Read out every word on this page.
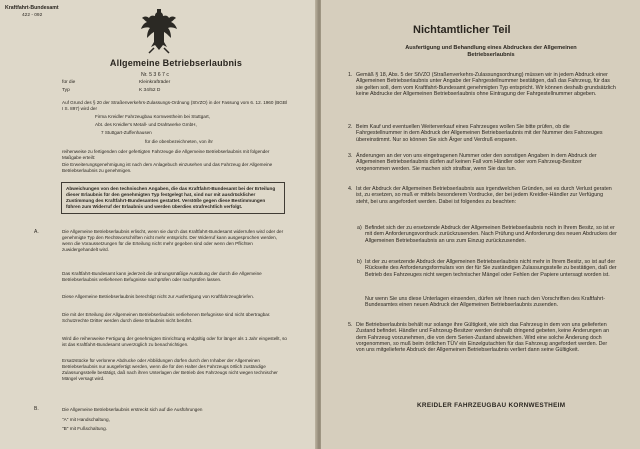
Kraftfahrt-Bundesamt
422 - 092
Allgemeine Betriebserlaubnis
Nr. 5 3 6 7 c
für die
Typ
Kleinkrafträder
K 34/52 D
Auf Grund des § 20 der Straßenverkehrs-Zulassungs-Ordnung (StVZO) in der Fassung vom 6. 12. 1960 (BGBl I S. 897) wird der
Firma Kreidler Fahrzeugbau Kornwestheim bei Stuttgart,
Abt. des Kreidler's Metall- und Drahtwerke GmbH,
7 Stuttgart-Zuffenhausen
für die obenbezeichneten, von ihr
reihenweise zu fertigenden oder gefertigten Fahrzeuge die Allgemeine Betriebserlaubnis mit folgender Maßgabe erteilt:
Die Erweiterungsgenehmigung ist nach dem Anlagebuch einzusehen und das Fahrzeug der Allgemeine Betriebserlaubnis zu genehmigen.
Abweichungen von den technischen Angaben, die das Kraftfahrt-Bundesamt bei der Erteilung dieser Erlaubnis für den genehmigten Typ festgelegt hat, sind nur mit ausdrücklicher Zustimmung des Kraftfahrt-Bundesamtes gestattet. Verstöße gegen diese Bestimmungen führen zum Widerruf der Erlaubnis und werden überdies strafrechtlich verfolgt.
A.	Die Allgemeine Betriebserlaubnis erlischt, wenn sie durch das Kraftfahrt-Bundesamt widerrufen wird oder der genehmigte Typ den Rechtsvorschriften nicht mehr entspricht. Der Widerruf kann ausgesprochen werden, wenn die Voraussetzungen für die Erteilung nicht mehr gegeben sind oder wenn den Pflichten zuwidergehandelt wird.
Das Kraftfahrt-Bundesamt kann jederzeit die ordnungsmäßige Ausübung der durch die Allgemeine Betriebserlaubnis verliehenen Befugnisse nachprüfen oder nachprüfen lassen.
Diese Allgemeine Betriebserlaubnis berechtigt nicht zur Ausfertigung von Kraftfahrzeugbriefen.
Die mit der Erteilung der Allgemeinen Betriebserlaubnis verliehenen Befugnisse sind nicht übertragbar. Schutzrechte Dritter werden durch diese Erlaubnis nicht berührt.
Wird die reihenweise Fertigung der genehmigten Einrichtung endgültig oder für länger als 1 Jahr eingestellt, so ist das Kraftfahrt-Bundesamt unverzüglich zu benachrichtigen.
Ersatzstücke für verlorene Abdrucke oder Abbildungen dürfen durch den Inhaber der Allgemeinen Betriebserlaubnis nur ausgefertigt werden, wenn die für den Halter des Fahrzeugs örtlich zuständige Zulassungsstelle bestätigt, daß nach ihren Unterlagen der Betrieb des Fahrzeugs nicht wegen technischer Mängel versagt wird.
B.	Die Allgemeine Betriebserlaubnis erstreckt sich auf die Ausführungen
"A" mit Handschaltung,
"B" mit Fußschaltung.
Nichtamtlicher Teil
Ausfertigung und Behandlung eines Abdruckes der Allgemeinen Betriebserlaubnis
1. Gemäß § 18, Abs. 5 der StVZO (Straßenverkehrs-Zulassungsordnung) müssen wir in jedem Abdruck einer Allgemeinen Betriebserlaubnis unter Angabe der Fahrgestellnummer bestätigen, daß das Fahrzeug, für das sie gelten soll, dem vom Kraftfahrt-Bundesamt genehmigten Typ entspricht. Wir können deshalb grundsätzlich keine Abdrucke der Allgemeinen Betriebserlaubnis ohne Eintragung der Fahrgestellnummer abgeben.
2. Beim Kauf und eventuellen Weiterverkauf eines Fahrzeuges wollen Sie bitte prüfen, ob die Fahrgestellnummer in dem Abdruck der Allgemeinen Betriebserlaubnis mit der Nummer des Fahrzeuges übereinstimmt. Nur so können Sie sich Ärger und Verdruß ersparen.
3. Änderungen an der von uns eingetragenen Nummer oder den sonstigen Angaben in dem Abdruck der Allgemeinen Betriebserlaubnis dürfen auf keinen Fall vom Händler oder vom Fahrzeug-Besitzer vorgenommen werden. Sie machen sich strafbar, wenn Sie das tun.
4. Ist der Abdruck der Allgemeinen Betriebserlaubnis aus irgendwelchen Gründen, sei es durch Verlust geraten ist, zu ersetzen, so muß er mittels besonderem Vordrucke, der bei jedem Kreidler-Händler zur Verfügung steht, bei uns angefordert werden. Dabei ist folgendes zu beachten:
a) Befindet sich der zu ersetzende Abdruck der Allgemeinen Betriebserlaubnis noch in Ihrem Besitz, so ist er mit dem Anforderungsvordruck zurückzusenden. Nach Prüfung und Anforderung des neuen Abdruckes der Allgemeinen Betriebserlaubnis an uns zum Einzug zurückzusenden.
b) Ist der zu ersetzende Abdruck der Allgemeinen Betriebserlaubnis nicht mehr in Ihrem Besitz, so ist auf der Rückseite des Anforderungsformulars von der für Sie zuständigen Zulassungsstelle zu bestätigen, daß der Betrieb des Fahrzeuges nicht wegen technischer Mängel oder Fehlen der Papiere untersagt worden ist.
Nur wenn Sie uns diese Unterlagen einsenden, dürfen wir Ihnen nach den Vorschriften des Kraftfahrt-Bundesamtes einen neuen Abdruck der Allgemeinen Betriebserlaubnis zusenden.
5. Die Betriebserlaubnis behält nur solange ihre Gültigkeit, wie sich das Fahrzeug in dem von uns gelieferten Zustand befindet. Händler und Fahrzeug-Besitzer werden deshalb dringend gebeten, keine Änderungen an dem Fahrzeug vorzunehmen, die von dem Serien-Zustand abweichen. Wird eine solche Änderung doch vorgenommen, so muß beim örtlichen TÜV ein Einzelgutachten für das Fahrzeug angefordert werden. Der von uns mitgelieferte Abdruck der Allgemeinen Betriebserlaubnis verliert dann seine Gültigkeit.
KREIDLER FAHRZEUGBAU KORNWESTHEIM
